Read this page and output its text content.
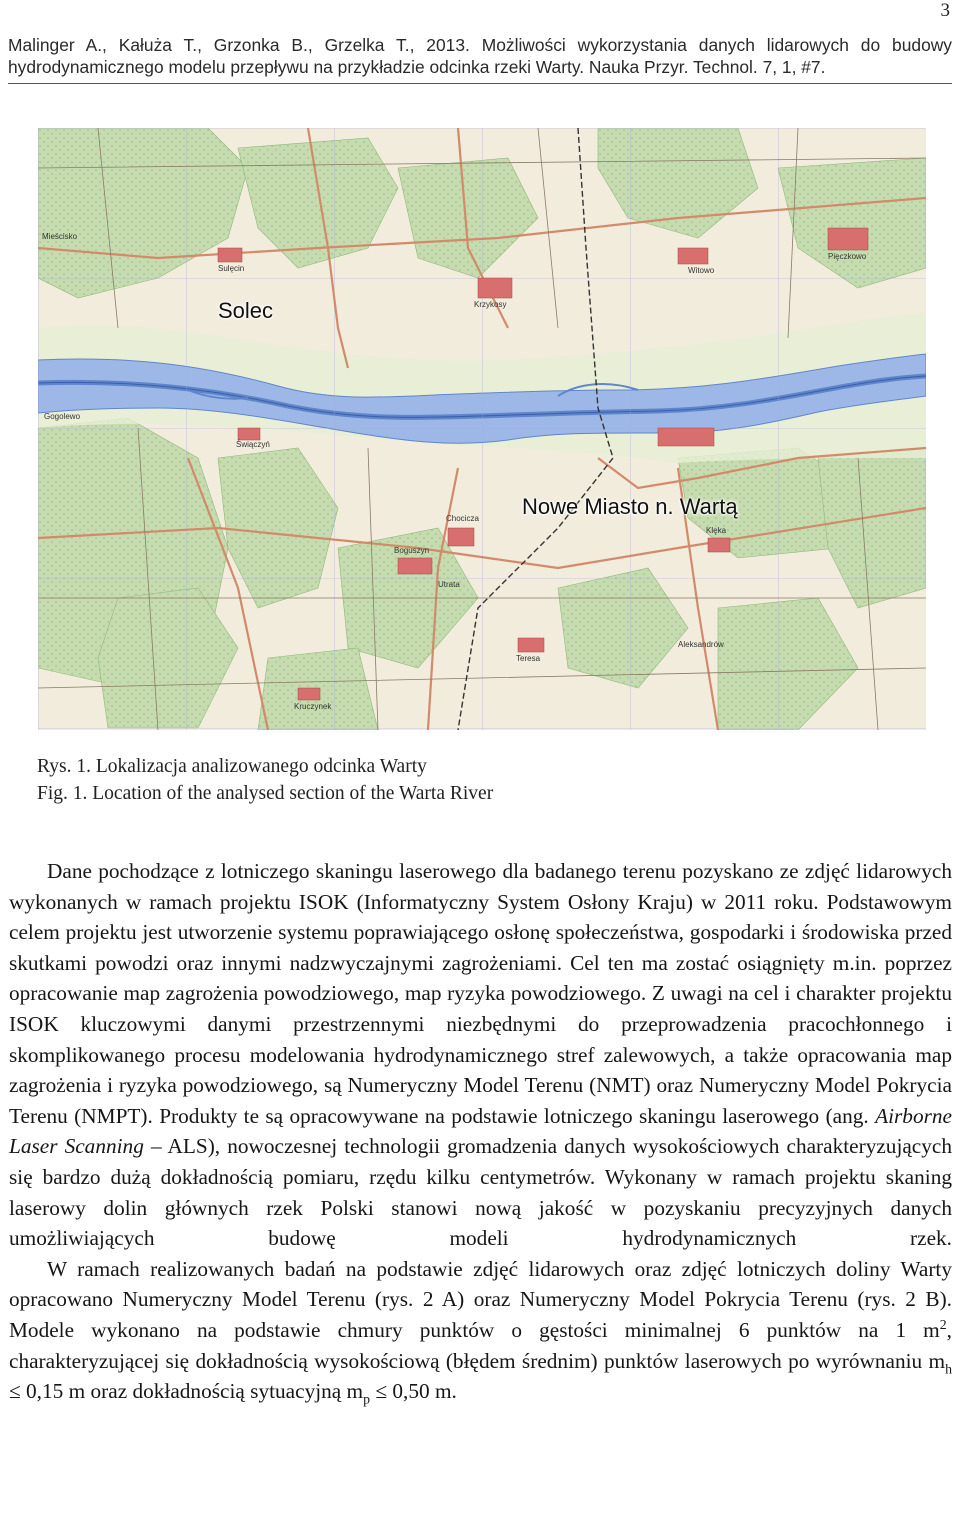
3
Malinger A., Kałuża T., Grzonka B., Grzelka T., 2013. Możliwości wykorzystania danych lidarowych do budowy hydrodynamicznego modelu przepływu na przykładzie odcinka rzeki Warty. Nauka Przyr. Technol. 7, 1, #7.
Solec
Nowe Miasto n. Wartą
Mieścisko
Sulęcin
Krzykosy
Pięczkowo
Witowo
Chocicza
Boguszyn
Klęka
Teresa
Kruczynek
Aleksandrów
Świączyń
Gogolewo
Utrata
Rys. 1. Lokalizacja analizowanego odcinka Warty
Fig. 1. Location of the analysed section of the Warta River

Dane pochodzące z lotniczego skaningu laserowego dla badanego terenu pozyskano ze zdjęć lidarowych wykonanych w ramach projektu ISOK (Informatyczny System Osłony Kraju) w 2011 roku. Podstawowym celem projektu jest utworzenie systemu poprawiającego osłonę społeczeństwa, gospodarki i środowiska przed skutkami powodzi oraz innymi nadzwyczajnymi zagrożeniami. Cel ten ma zostać osiągnięty m.in. poprzez opracowanie map zagrożenia powodziowego, map ryzyka powodziowego. Z uwagi na cel i charakter projektu ISOK kluczowymi danymi przestrzennymi niezbędnymi do przeprowadzenia pracochłonnego i skomplikowanego procesu modelowania hydrodynamicznego stref zalewowych, a także opracowania map zagrożenia i ryzyka powodziowego, są Numeryczny Model Terenu (NMT) oraz Numeryczny Model Pokrycia Terenu (NMPT). Produkty te są opracowywane na podstawie lotniczego skaningu laserowego (ang. Airborne Laser Scanning – ALS), nowoczesnej technologii gromadzenia danych wysokościowych charakteryzujących się bardzo dużą dokładnością pomiaru, rzędu kilku centymetrów. Wykonany w ramach projektu skaning laserowy dolin głównych rzek Polski stanowi nową jakość w pozyskaniu precyzyjnych danych umożliwiających budowę modeli hydrodynamicznych rzek.

W ramach realizowanych badań na podstawie zdjęć lidarowych oraz zdjęć lotniczych doliny Warty opracowano Numeryczny Model Terenu (rys. 2 A) oraz Numeryczny Model Pokrycia Terenu (rys. 2 B). Modele wykonano na podstawie chmury punktów o gęstości minimalnej 6 punktów na 1 $m^2$, charakteryzującej się dokładnością wysokościową (błędem średnim) punktów laserowych po wyrównaniu $m_h \le 0,15$ m oraz dokładnością sytuacyjną $m_p \le 0,50$ m.
